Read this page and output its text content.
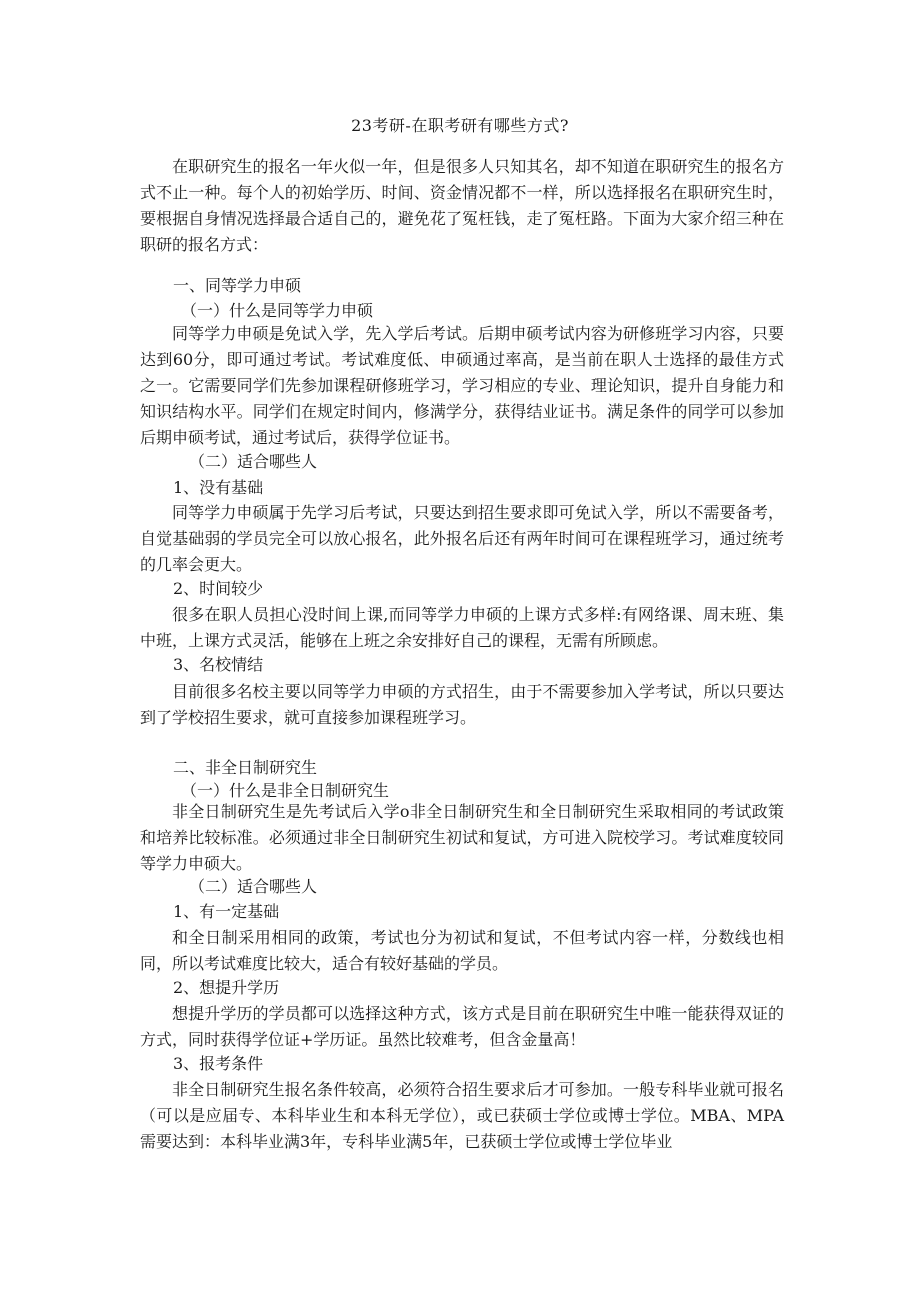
23考研-在职考研有哪些方式?

在职研究生的报名一年火似一年，但是很多人只知其名，却不知道在职研究生的报名方式不止一种。每个人的初始学历、时间、资金情况都不一样，所以选择报名在职研究生时，要根据自身情况选择最合适自己的，避免花了冤枉钱，走了冤枉路。下面为大家介绍三种在职研的报名方式：

一、同等学力申硕

（一）什么是同等学力申硕

同等学力申硕是免试入学，先入学后考试。后期申硕考试内容为研修班学习内容，只要达到60分，即可通过考试。考试难度低、申硕通过率高，是当前在职人士选择的最佳方式之一。它需要同学们先参加课程研修班学习，学习相应的专业、理论知识，提升自身能力和知识结构水平。同学们在规定时间内，修满学分，获得结业证书。满足条件的同学可以参加后期申硕考试，通过考试后，获得学位证书。

（二）适合哪些人

1、没有基础

同等学力申硕属于先学习后考试，只要达到招生要求即可免试入学，所以不需要备考，自觉基础弱的学员完全可以放心报名，此外报名后还有两年时间可在课程班学习，通过统考的几率会更大。

2、时间较少

很多在职人员担心没时间上课,而同等学力申硕的上课方式多样:有网络课、周末班、集中班，上课方式灵活，能够在上班之余安排好自己的课程，无需有所顾虑。

3、名校情结

目前很多名校主要以同等学力申硕的方式招生，由于不需要参加入学考试，所以只要达到了学校招生要求，就可直接参加课程班学习。

二、非全日制研究生

（一）什么是非全日制研究生

非全日制研究生是先考试后入学o非全日制研究生和全日制研究生采取相同的考试政策和培养比较标准。必须通过非全日制研究生初试和复试，方可进入院校学习。考试难度较同等学力申硕大。

（二）适合哪些人

1、有一定基础

和全日制采用相同的政策，考试也分为初试和复试，不但考试内容一样，分数线也相同，所以考试难度比较大，适合有较好基础的学员。

2、想提升学历

想提升学历的学员都可以选择这种方式，该方式是目前在职研究生中唯一能获得双证的方式，同时获得学位证+学历证。虽然比较难考，但含金量高！

3、报考条件

非全日制研究生报名条件较高，必须符合招生要求后才可参加。一般专科毕业就可报名（可以是应届专、本科毕业生和本科无学位），或已获硕士学位或博士学位。MBA、MPA需要达到：本科毕业满3年，专科毕业满5年，已获硕士学位或博士学位毕业
